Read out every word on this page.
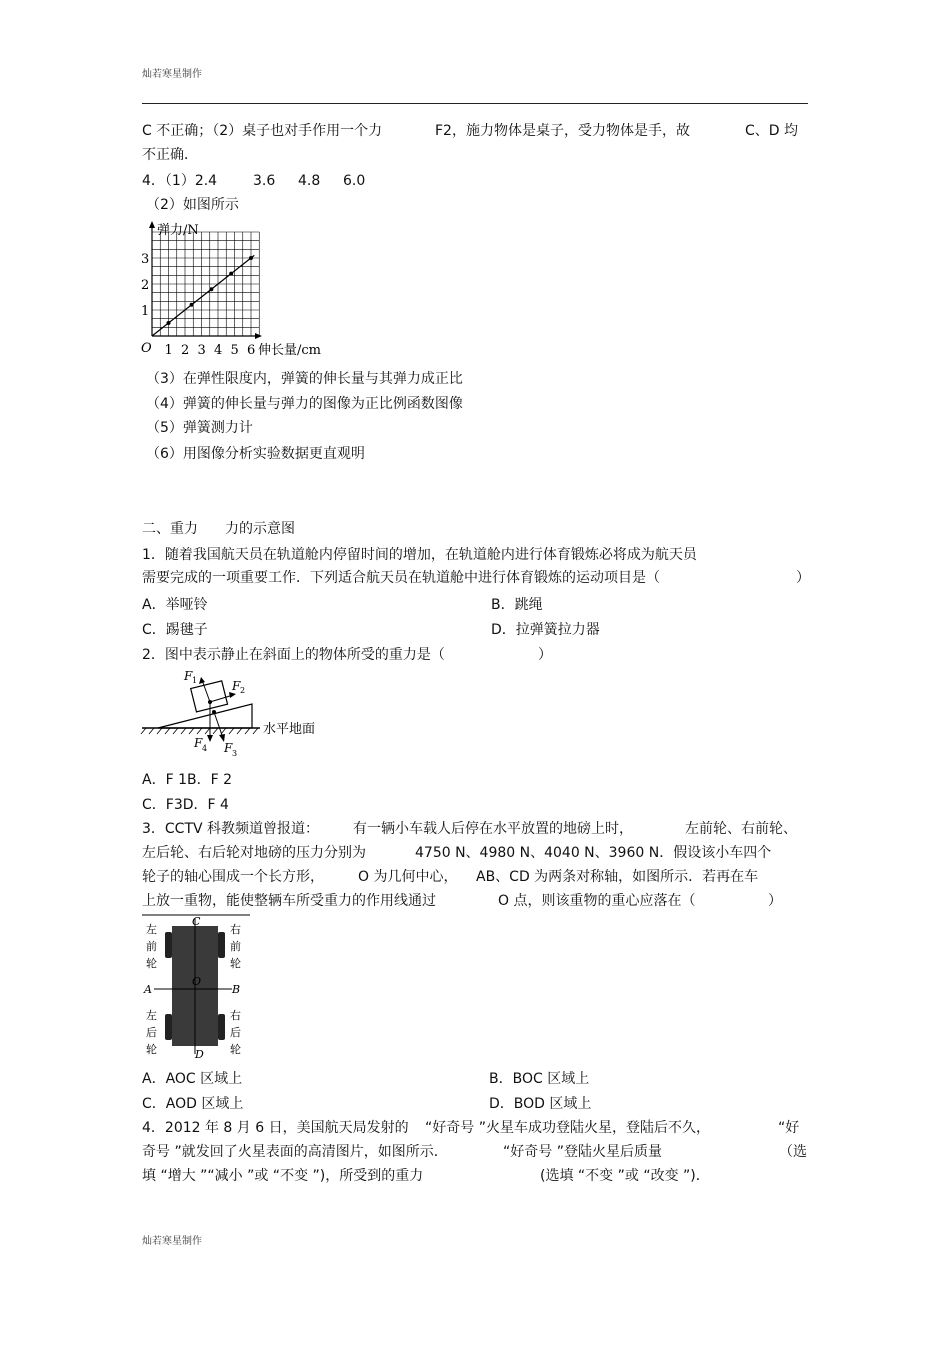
灿若寒星制作
C 不正确；（2）桌子也对手作用一个力	F2，施力物体是桌子，受力物体是手，故	C、D 均
不正确．
4．（1）2.4	3.6 4.8 6.0
（2）如图所示
弹力/N
伸长量/cm
O 1 2 3 4 5 6
1
2
3
（3）在弹性限度内，弹簧的伸长量与其弹力成正比
（4）弹簧的伸长量与弹力的图像为正比例函数图像
（5）弹簧测力计
（6）用图像分析实验数据更直观明
二、重力 力的示意图
1．随着我国航天员在轨道舱内停留时间的增加，在轨道舱内进行体育锻炼必将成为航天员
需要完成的一项重要工作．下列适合航天员在轨道舱中进行体育锻炼的运动项目是（	）
A．举哑铃	B．跳绳
C．踢毽子	D．拉弹簧拉力器
2．图中表示静止在斜面上的物体所受的重力是（	）
F 1	F 2
F 3
F 4
水平地面
A．F 1B．F 2
C．F3D．F 4
3．CCTV 科教频道曾报道： 有一辆小车载人后停在水平放置的地磅上时，	左前轮、右前轮、
左后轮、右后轮对地磅的压力分别为	4750 N、4980 N、4040 N、3960 N．假设该小车四个
轮子的轴心围成一个长方形， O 为几何中心， AB、CD 为两条对称轴，如图所示．若再在车
上放一重物，能使整辆车所受重力的作用线通过	O 点，则该重物的重心应落在（	）
C
D
A	B
O
左
前
轮
右
前
轮
左
后
轮
右
后
轮
A．AOC 区域上	B．BOC 区域上
C．AOD 区域上	D．BOD 区域上
4．2012 年 8 月 6 日，美国航天局发射的 “好奇号 ”火星车成功登陆火星，登陆后不久，	“好
奇号 ”就发回了火星表面的高清图片，如图所示．	“好奇号 ”登陆火星后质量	（选
填 “增大 ”“减小 ”或 “不变 ”)，所受到的重力	(选填 “不变 ”或 “改变 ”)．
灿若寒星制作
